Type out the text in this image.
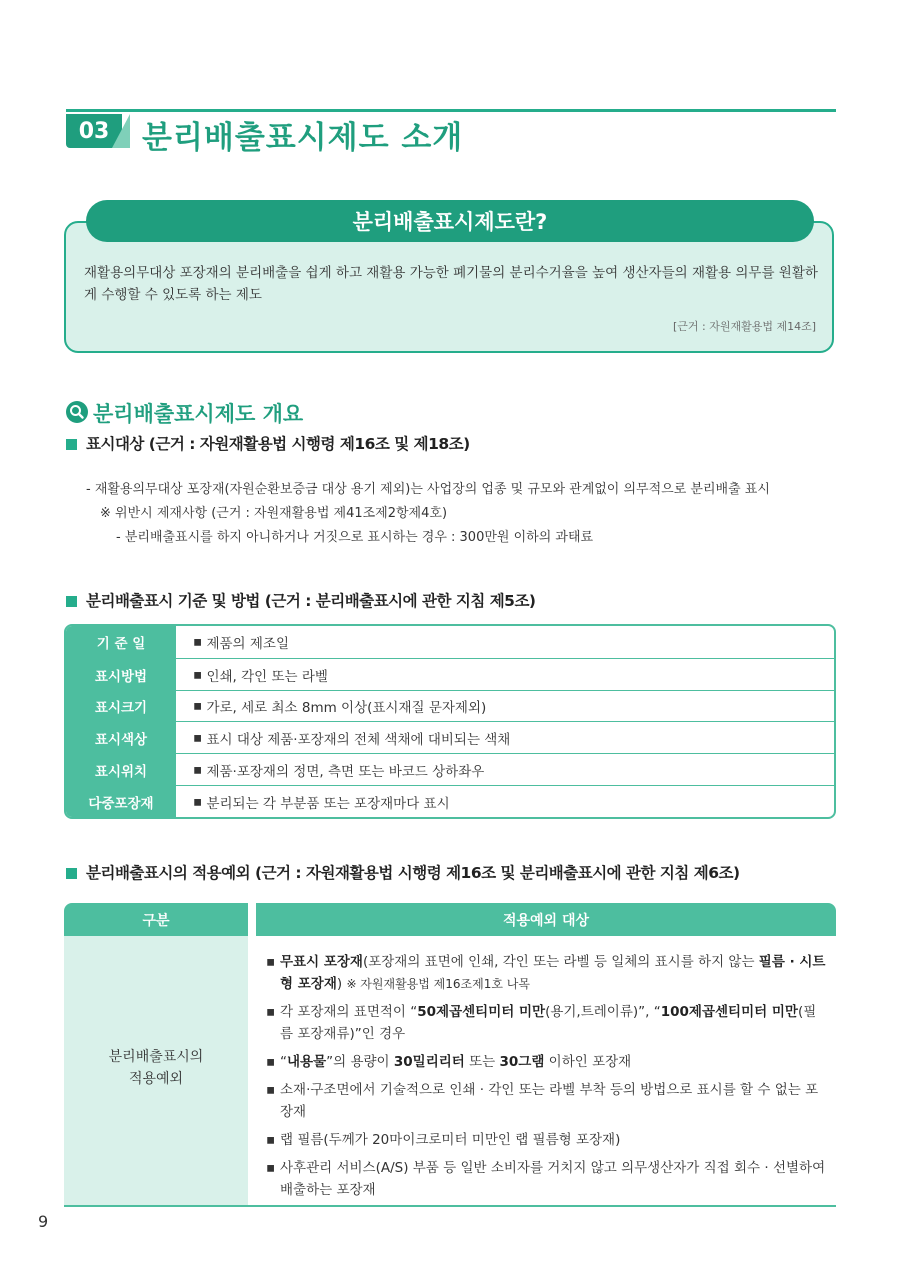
03	분리배출표시제도 소개
분리배출표시제도란?
재활용의무대상 포장재의 분리배출을 쉽게 하고 재활용 가능한 폐기물의 분리수거율을 높여 생산자들의 재활용 의무를 원활하게 수행할 수 있도록 하는 제도
[근거 : 자원재활용법 제14조]
분리배출표시제도 개요
표시대상 (근거 : 자원재활용법 시행령 제16조 및 제18조)
- 재활용의무대상 포장재(자원순환보증금 대상 용기 제외)는 사업장의 업종 및 규모와 관계없이 의무적으로 분리배출 표시
※ 위반시 제재사항 (근거 : 자원재활용법 제41조제2항제4호)
- 분리배출표시를 하지 아니하거나 거짓으로 표시하는 경우 : 300만원 이하의 과태료
분리배출표시 기준 및 방법 (근거 : 분리배출표시에 관한 지침 제5조)
기 준 일	▪ 제품의 제조일
표시방법	▪ 인쇄, 각인 또는 라벨
표시크기	▪ 가로, 세로 최소 8mm 이상(표시재질 문자제외)
표시색상	▪ 표시 대상 제품·포장재의 전체 색채에 대비되는 색채
표시위치	▪ 제품·포장재의 정면, 측면 또는 바코드 상하좌우
다중포장재	▪ 분리되는 각 부분품 또는 포장재마다 표시
분리배출표시의 적용예외 (근거 : 자원재활용법 시행령 제16조 및 분리배출표시에 관한 지침 제6조)
구분	적용예외 대상
분리배출표시의
적용예외
▪ 무표시 포장재(포장재의 표면에 인쇄, 각인 또는 라벨 등 일체의 표시를 하지 않는 필름 · 시트형 포장재) ※ 자원재활용법 제16조제1호 나목
▪ 각 포장재의 표면적이 “50제곱센티미터 미만(용기,트레이류)”, “100제곱센티미터 미만(필름 포장재류)”인 경우
▪ “내용물”의 용량이 30밀리리터 또는 30그램 이하인 포장재
▪ 소재·구조면에서 기술적으로 인쇄 · 각인 또는 라벨 부착 등의 방법으로 표시를 할 수 없는 포장재
▪ 랩 필름(두께가 20마이크로미터 미만인 랩 필름형 포장재)
▪ 사후관리 서비스(A/S) 부품 등 일반 소비자를 거치지 않고 의무생산자가 직접 회수 · 선별하여 배출하는 포장재
9
